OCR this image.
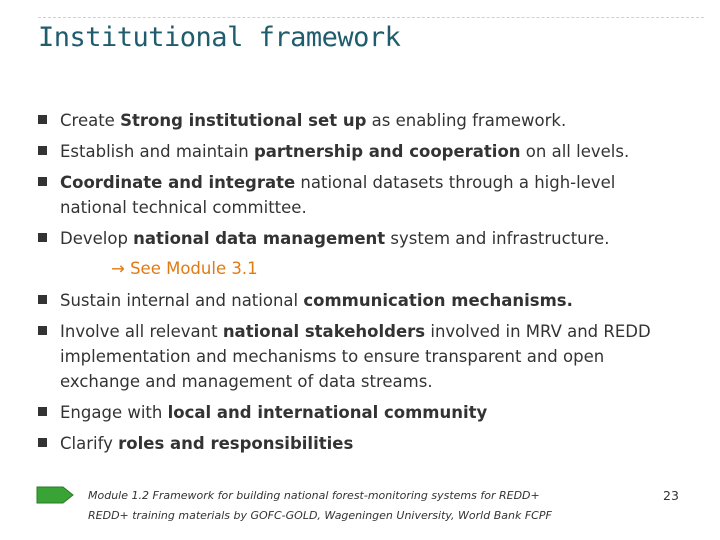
Institutional framework
Create Strong institutional set up as enabling framework.
Establish and maintain partnership and cooperation on all levels.
Coordinate and integrate national datasets through a high-level national technical committee.
Develop national data management system and infrastructure.
Sustain internal and national communication mechanisms.
Involve all relevant national stakeholders involved in MRV and REDD implementation and mechanisms to ensure transparent and open exchange and management of data streams.
Engage with local and international community
Clarify roles and responsibilities
→ See Module 3.1
Module 1.2 Framework for building national forest-monitoring systems for REDD+
REDD+ training materials by GOFC-GOLD, Wageningen University, World Bank FCPF
23
